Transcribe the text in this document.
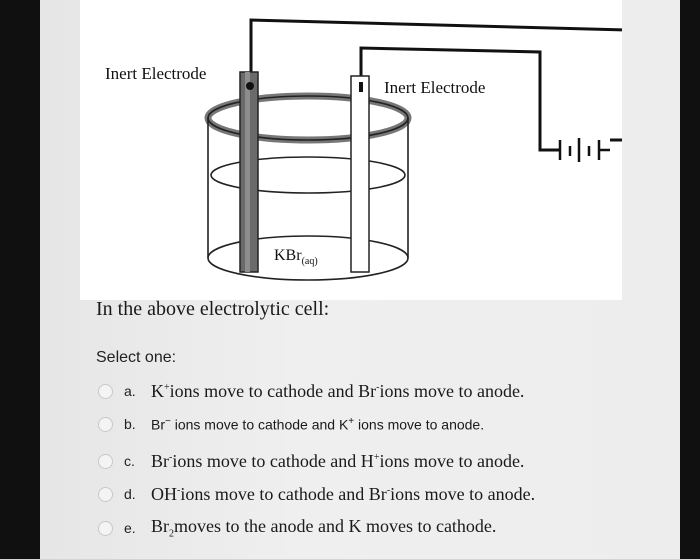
Inert Electrode
Inert Electrode
KBr$_{(aq)}$
In the above electrolytic cell:
Select one:
a. K+ions move to cathode and Br-ions move to anode.
b.	Br− ions move to cathode and K+ ions move to anode.
c. Br-ions move to cathode and H+ions move to anode.
d. OH-ions move to cathode and Br-ions move to anode.
e. $Br_2moves$ to the anode and K moves to cathode.
